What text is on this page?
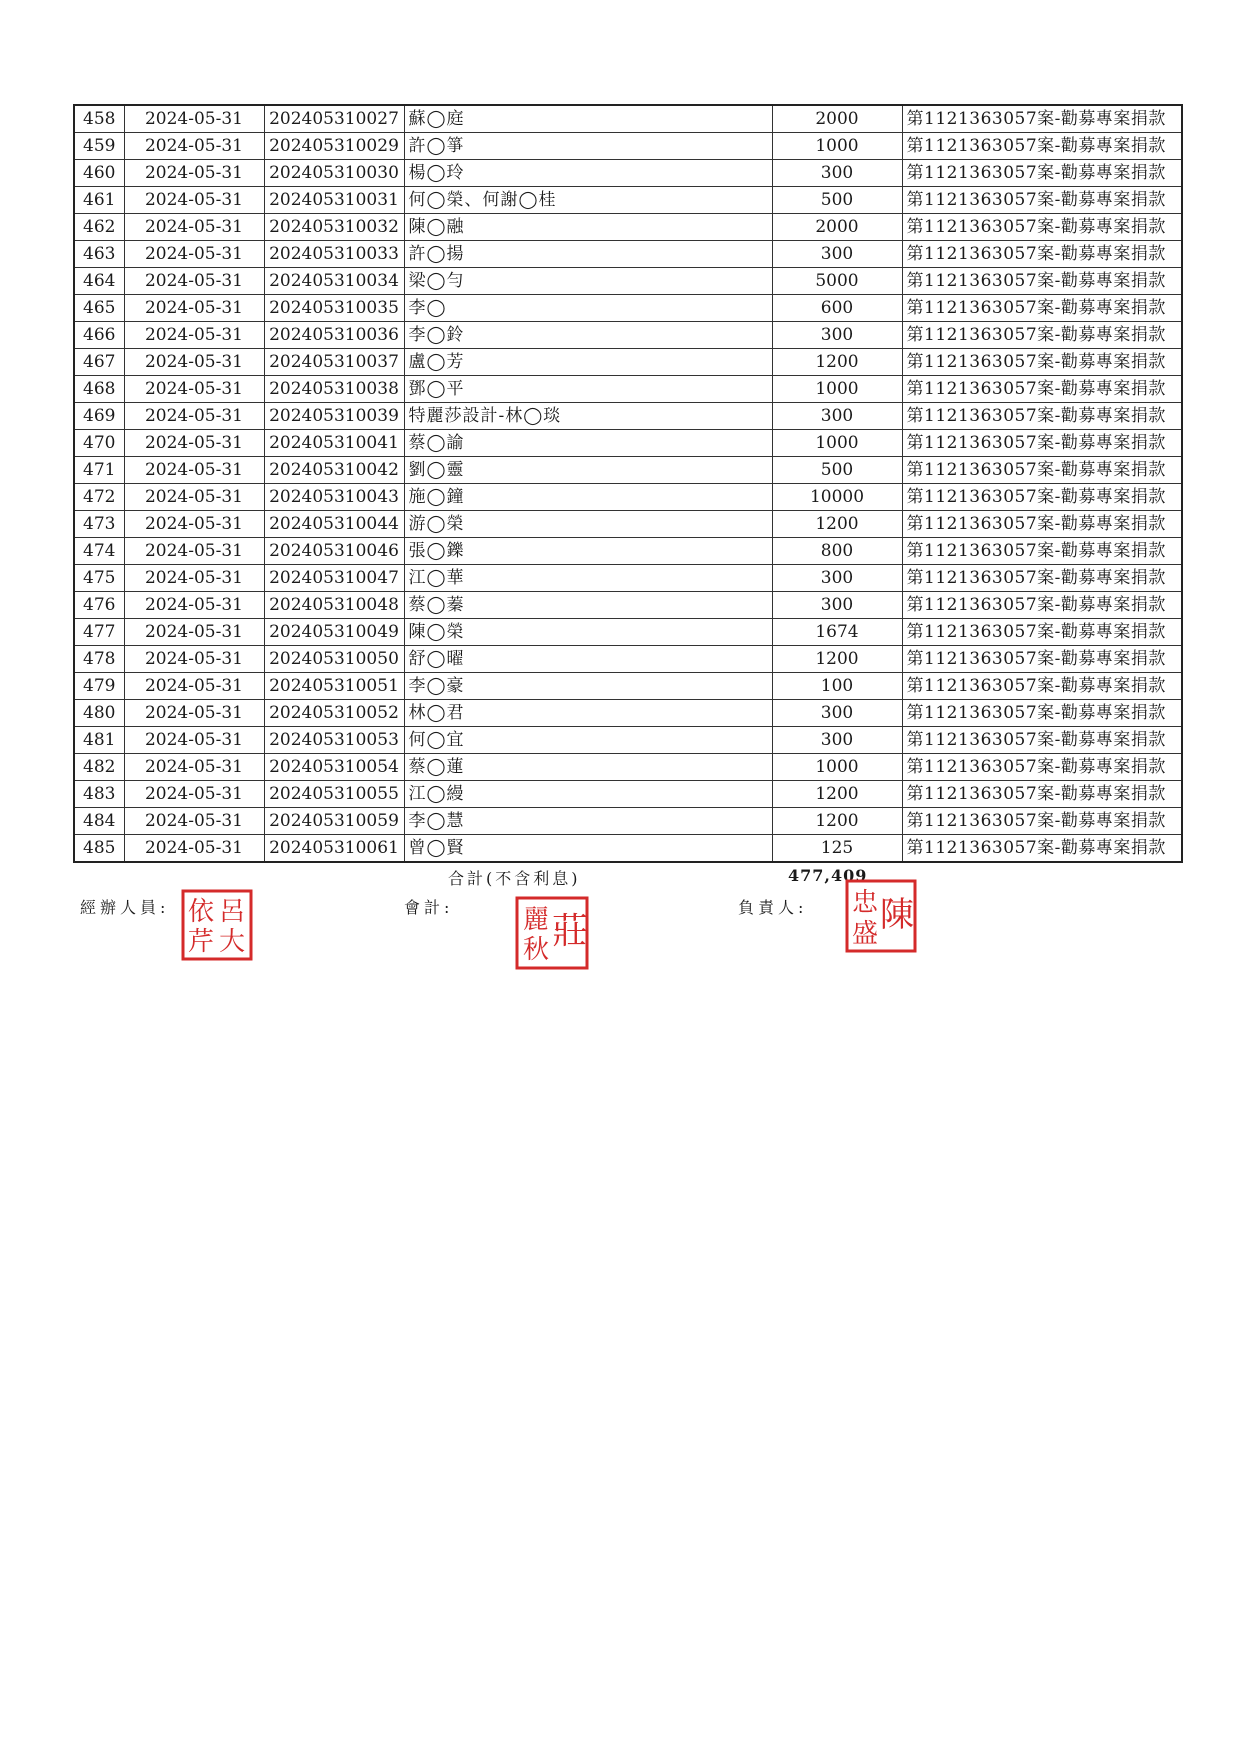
458	2024-05-31	202405310027	蘇◯庭	2000	第1121363057案-勸募專案捐款
459	2024-05-31	202405310029	許◯箏	1000	第1121363057案-勸募專案捐款
460	2024-05-31	202405310030	楊◯玲	300	第1121363057案-勸募專案捐款
461	2024-05-31	202405310031	何◯榮、何謝◯桂	500	第1121363057案-勸募專案捐款
462	2024-05-31	202405310032	陳◯融	2000	第1121363057案-勸募專案捐款
463	2024-05-31	202405310033	許◯揚	300	第1121363057案-勸募專案捐款
464	2024-05-31	202405310034	梁◯勻	5000	第1121363057案-勸募專案捐款
465	2024-05-31	202405310035	李◯	600	第1121363057案-勸募專案捐款
466	2024-05-31	202405310036	李◯鈴	300	第1121363057案-勸募專案捐款
467	2024-05-31	202405310037	盧◯芳	1200	第1121363057案-勸募專案捐款
468	2024-05-31	202405310038	鄧◯平	1000	第1121363057案-勸募專案捐款
469	2024-05-31	202405310039	特麗莎設計-林◯琰	300	第1121363057案-勸募專案捐款
470	2024-05-31	202405310041	蔡◯諭	1000	第1121363057案-勸募專案捐款
471	2024-05-31	202405310042	劉◯靈	500	第1121363057案-勸募專案捐款
472	2024-05-31	202405310043	施◯鐘	10000	第1121363057案-勸募專案捐款
473	2024-05-31	202405310044	游◯榮	1200	第1121363057案-勸募專案捐款
474	2024-05-31	202405310046	張◯鑠	800	第1121363057案-勸募專案捐款
475	2024-05-31	202405310047	江◯華	300	第1121363057案-勸募專案捐款
476	2024-05-31	202405310048	蔡◯蓁	300	第1121363057案-勸募專案捐款
477	2024-05-31	202405310049	陳◯榮	1674	第1121363057案-勸募專案捐款
478	2024-05-31	202405310050	舒◯曜	1200	第1121363057案-勸募專案捐款
479	2024-05-31	202405310051	李◯豪	100	第1121363057案-勸募專案捐款
480	2024-05-31	202405310052	林◯君	300	第1121363057案-勸募專案捐款
481	2024-05-31	202405310053	何◯宜	300	第1121363057案-勸募專案捐款
482	2024-05-31	202405310054	蔡◯蓮	1000	第1121363057案-勸募專案捐款
483	2024-05-31	202405310055	江◯縵	1200	第1121363057案-勸募專案捐款
484	2024-05-31	202405310059	李◯慧	1200	第1121363057案-勸募專案捐款
485	2024-05-31	202405310061	曾◯賢	125	第1121363057案-勸募專案捐款
合計(不含利息)	477,409
經辦人員: 呂
大
依
芹
會計:
莊
麗
秋
負責人: 陳
忠
盛
